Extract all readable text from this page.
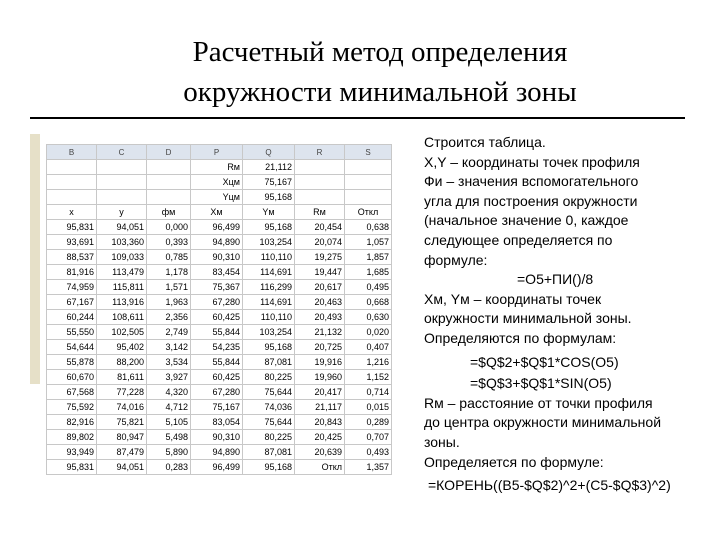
Расчетный метод определения
окружности минимальной зоны
B	C	D	P	Q	R	S
			Rм	21,112		
			Xцм	75,167		
			Yцм	95,168		
x	y	фм	Xм	Yм	Rм	Откл
95,831	94,051	0,000	96,499	95,168	20,454	0,638
93,691	103,360	0,393	94,890	103,254	20,074	1,057
88,537	109,033	0,785	90,310	110,110	19,275	1,857
81,916	113,479	1,178	83,454	114,691	19,447	1,685
74,959	115,811	1,571	75,367	116,299	20,617	0,495
67,167	113,916	1,963	67,280	114,691	20,463	0,668
60,244	108,611	2,356	60,425	110,110	20,493	0,630
55,550	102,505	2,749	55,844	103,254	21,132	0,020
54,644	95,402	3,142	54,235	95,168	20,725	0,407
55,878	88,200	3,534	55,844	87,081	19,916	1,216
60,670	81,611	3,927	60,425	80,225	19,960	1,152
67,568	77,228	4,320	67,280	75,644	20,417	0,714
75,592	74,016	4,712	75,167	74,036	21,117	0,015
82,916	75,821	5,105	83,054	75,644	20,843	0,289
89,802	80,947	5,498	90,310	80,225	20,425	0,707
93,949	87,479	5,890	94,890	87,081	20,639	0,493
95,831	94,051	0,283	96,499	95,168	Откл	1,357
Строится таблица.
X,Y – координаты точек профиля
Фи – значения вспомогательного
угла для построения окружности
(начальное значение 0, каждое
следующее определяется по
формуле:
=O5+ПИ()/8
Xм, Yм – координаты точек
окружности минимальной зоны.
Определяются по формулам:
=$Q$2+$Q$1*COS(O5)
=$Q$3+$Q$1*SIN(O5)
Rм – расстояние от точки профиля
до центра окружности минимальной
зоны.
Определяется по формуле:
=КОРЕНЬ((B5-$Q$2)^2+(C5-$Q$3)^2)
